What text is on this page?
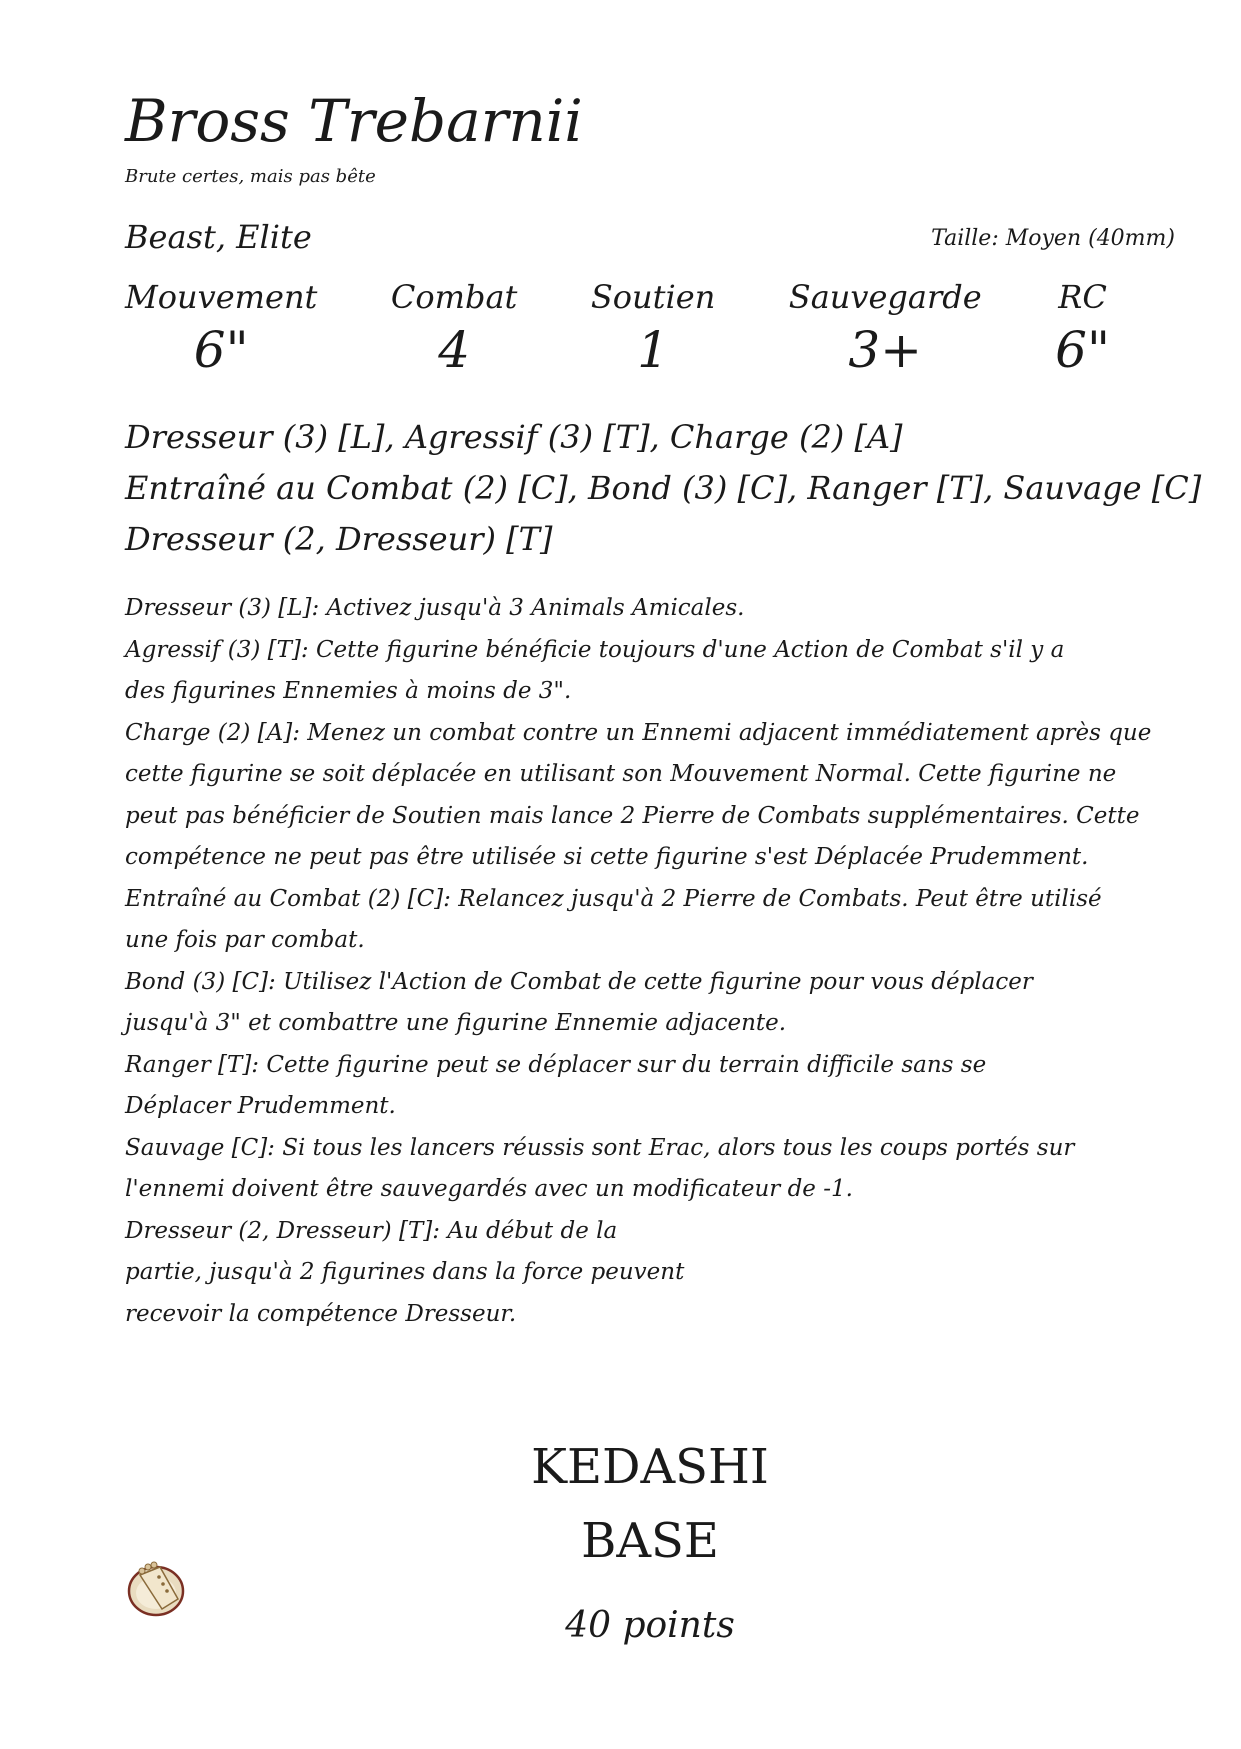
Bross Trebarnii
Brute certes, mais pas bête
Beast, Elite	Taille: Moyen (40mm)
Mouvement
6"
Combat
4
Soutien
1
Sauvegarde
3+
RC
6"
Dresseur (3) [L], Agressif (3) [T], Charge (2) [A]
Entraîné au Combat (2) [C], Bond (3) [C], Ranger [T], Sauvage [C]
Dresseur (2, Dresseur) [T]
Dresseur (3) [L]: Activez jusqu'à 3 Animals Amicales.
Agressif (3) [T]: Cette figurine bénéficie toujours d'une Action de Combat s'il y a
des figurines Ennemies à moins de 3".
Charge (2) [A]: Menez un combat contre un Ennemi adjacent immédiatement après que
cette figurine se soit déplacée en utilisant son Mouvement Normal. Cette figurine ne
peut pas bénéficier de Soutien mais lance 2 Pierre de Combats supplémentaires. Cette
compétence ne peut pas être utilisée si cette figurine s'est Déplacée Prudemment.
Entraîné au Combat (2) [C]: Relancez jusqu'à 2 Pierre de Combats. Peut être utilisé
une fois par combat.
Bond (3) [C]: Utilisez l'Action de Combat de cette figurine pour vous déplacer
jusqu'à 3" et combattre une figurine Ennemie adjacente.
Ranger [T]: Cette figurine peut se déplacer sur du terrain difficile sans se
Déplacer Prudemment.
Sauvage [C]: Si tous les lancers réussis sont Erac, alors tous les coups portés sur
l'ennemi doivent être sauvegardés avec un modificateur de -1.
Dresseur (2, Dresseur) [T]: Au début de la
partie, jusqu'à 2 figurines dans la force peuvent
recevoir la compétence Dresseur.
KEDASHI
BASE
40 points
